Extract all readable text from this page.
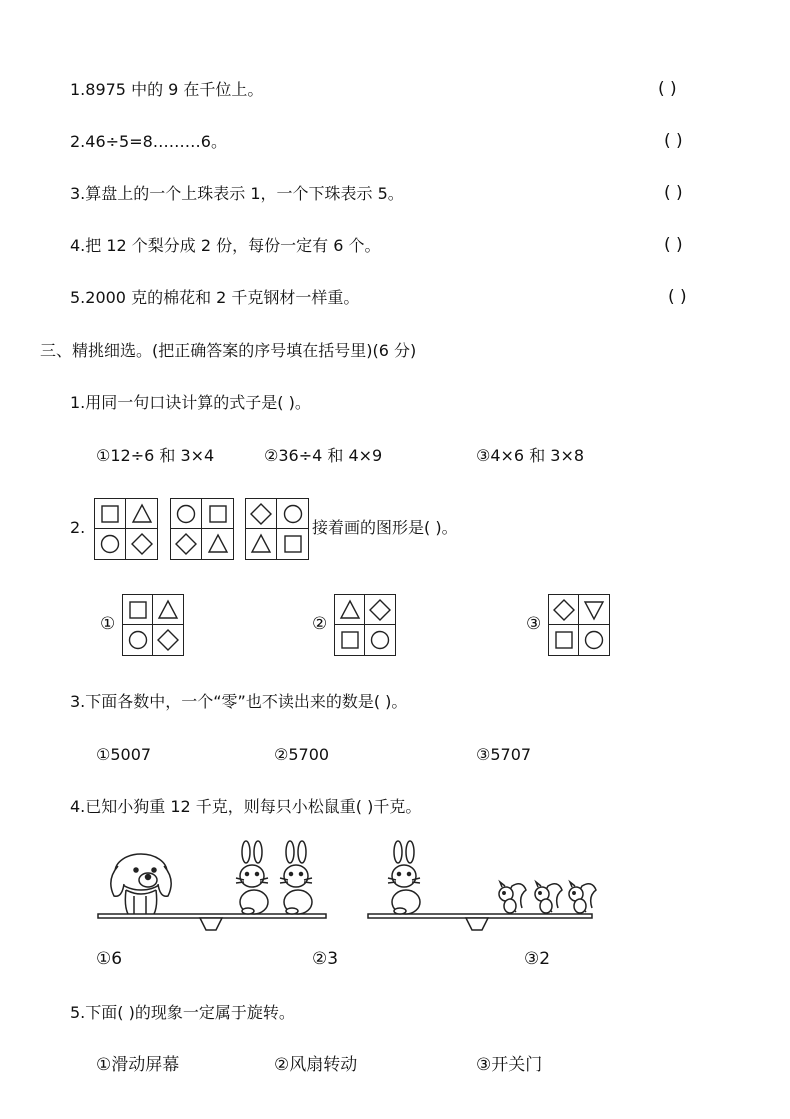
1.8975 中的 9 在千位上。	( )
2.46÷5=8………6。	( )
3.算盘上的一个上珠表示 1，一个下珠表示 5。	( )
4.把 12 个梨分成 2 份，每份一定有 6 个。	( )
5.2000 克的棉花和 2 千克钢材一样重。	( )
三、精挑细选。(把正确答案的序号填在括号里)(6 分)
1.用同一句口诀计算的式子是( )。
①12÷6 和 3×4	②36÷4 和 4×9	③4×6 和 3×8
2.	接着画的图形是( )。
①	②	③
3.下面各数中，一个“零”也不读出来的数是( )。
①5007	②5700	③5707
4.已知小狗重 12 千克，则每只小松鼠重( )千克。
①6	②3	③2
5.下面( )的现象一定属于旋转。
①滑动屏幕	②风扇转动	③开关门
